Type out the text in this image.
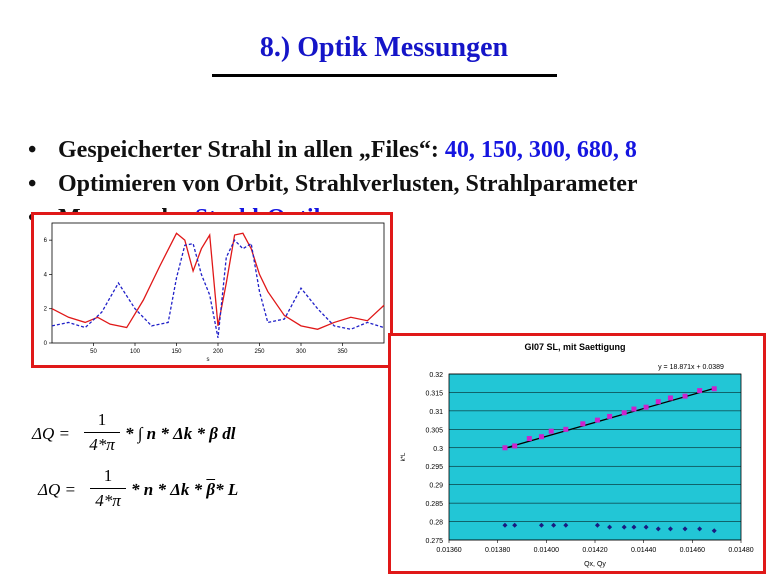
8.) Optik Messungen
• Gespeicherter Strahl in allen „Files“: 40, 150, 300, 680, 8
• Optimieren von Orbit, Strahlverlusten, Strahlparameter
•
50	100	150	200	250	300	350
0
2
4
6
s
$\Delta Q = \frac{1}{4*\pi}$ * ∫ n * Δk * β dl
$\Delta Q = \frac{1}{4*\pi} * n * \Delta k * \overline{\beta}*$ L
GI07 SL, mit Saettigung
0.275
0.28
0.285
0.29
0.295
0.3
0.305
0.31
0.315
0.32
0.01360	0.01380	0.01400	0.01420	0.01440	0.01460	0.01480
Qx, Qy
k*L
y = 18.871x + 0.0389
